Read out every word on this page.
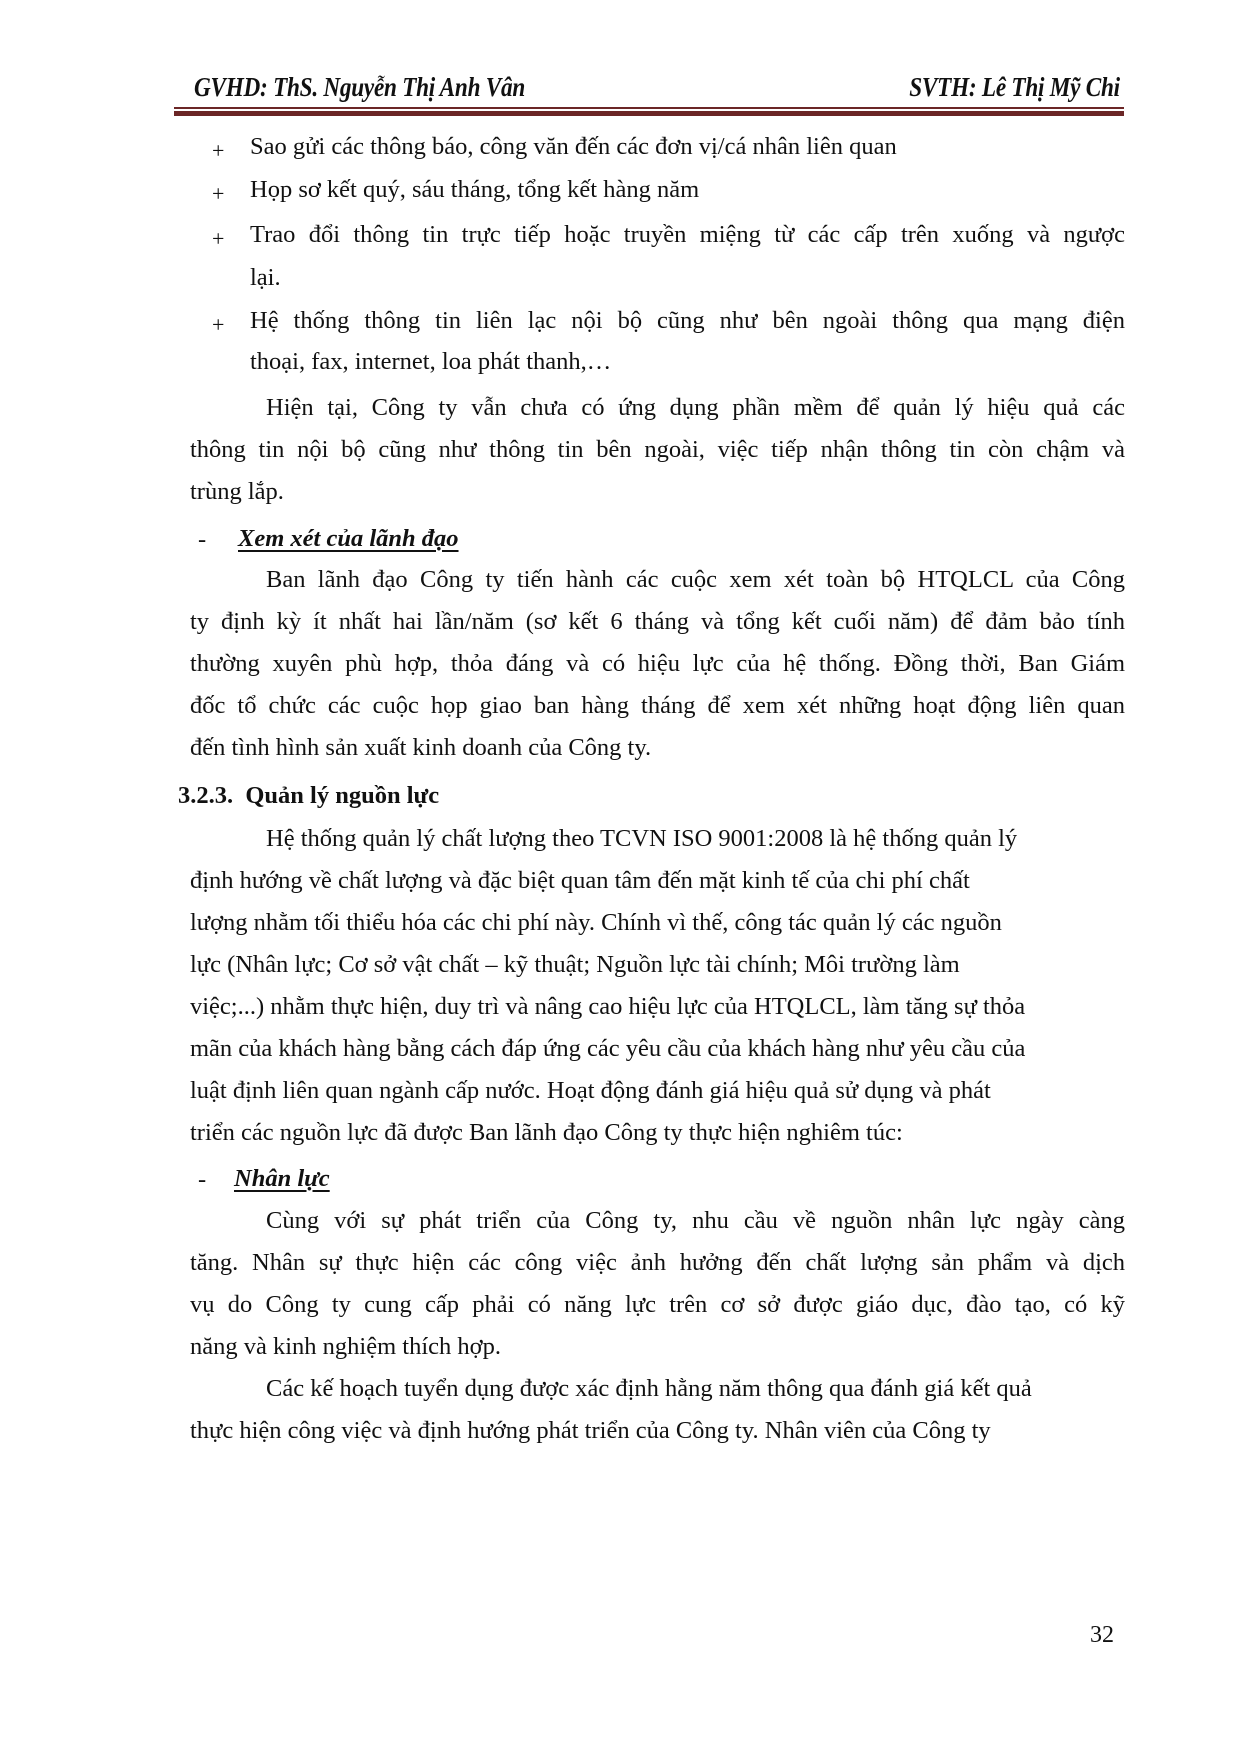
GVHD: ThS. Nguyễn Thị Anh Vân	SVTH: Lê Thị Mỹ Chi
+ Sao gửi các thông báo, công văn đến các đơn vị/cá nhân liên quan
+ Họp sơ kết quý, sáu tháng, tổng kết hàng năm
+ Trao đổi thông tin trực tiếp hoặc truyền miệng từ các cấp trên xuống và ngược
lại.
+ Hệ thống thông tin liên lạc nội bộ cũng như bên ngoài thông qua mạng điện
thoại, fax, internet, loa phát thanh,…
Hiện tại, Công ty vẫn chưa có ứng dụng phần mềm để quản lý hiệu quả các
thông tin nội bộ cũng như thông tin bên ngoài, việc tiếp nhận thông tin còn chậm và
trùng lắp.
- Xem xét của lãnh đạo
Ban lãnh đạo Công ty tiến hành các cuộc xem xét toàn bộ HTQLCL của Công
ty định kỳ ít nhất hai lần/năm (sơ kết 6 tháng và tổng kết cuối năm) để đảm bảo tính
thường xuyên phù hợp, thỏa đáng và có hiệu lực của hệ thống. Đồng thời, Ban Giám
đốc tổ chức các cuộc họp giao ban hàng tháng để xem xét những hoạt động liên quan
đến tình hình sản xuất kinh doanh của Công ty.
3.2.3. Quản lý nguồn lực
Hệ thống quản lý chất lượng theo TCVN ISO 9001:2008 là hệ thống quản lý
định hướng về chất lượng và đặc biệt quan tâm đến mặt kinh tế của chi phí chất
lượng nhằm tối thiểu hóa các chi phí này. Chính vì thế, công tác quản lý các nguồn
lực (Nhân lực; Cơ sở vật chất – kỹ thuật; Nguồn lực tài chính; Môi trường làm
việc;...) nhằm thực hiện, duy trì và nâng cao hiệu lực của HTQLCL, làm tăng sự thỏa
mãn của khách hàng bằng cách đáp ứng các yêu cầu của khách hàng như yêu cầu của
luật định liên quan ngành cấp nước. Hoạt động đánh giá hiệu quả sử dụng và phát
triển các nguồn lực đã được Ban lãnh đạo Công ty thực hiện nghiêm túc:
- Nhân lực
Cùng với sự phát triển của Công ty, nhu cầu về nguồn nhân lực ngày càng
tăng. Nhân sự thực hiện các công việc ảnh hưởng đến chất lượng sản phẩm và dịch
vụ do Công ty cung cấp phải có năng lực trên cơ sở được giáo dục, đào tạo, có kỹ
năng và kinh nghiệm thích hợp.
Các kế hoạch tuyển dụng được xác định hằng năm thông qua đánh giá kết quả
thực hiện công việc và định hướng phát triển của Công ty. Nhân viên của Công ty
32
